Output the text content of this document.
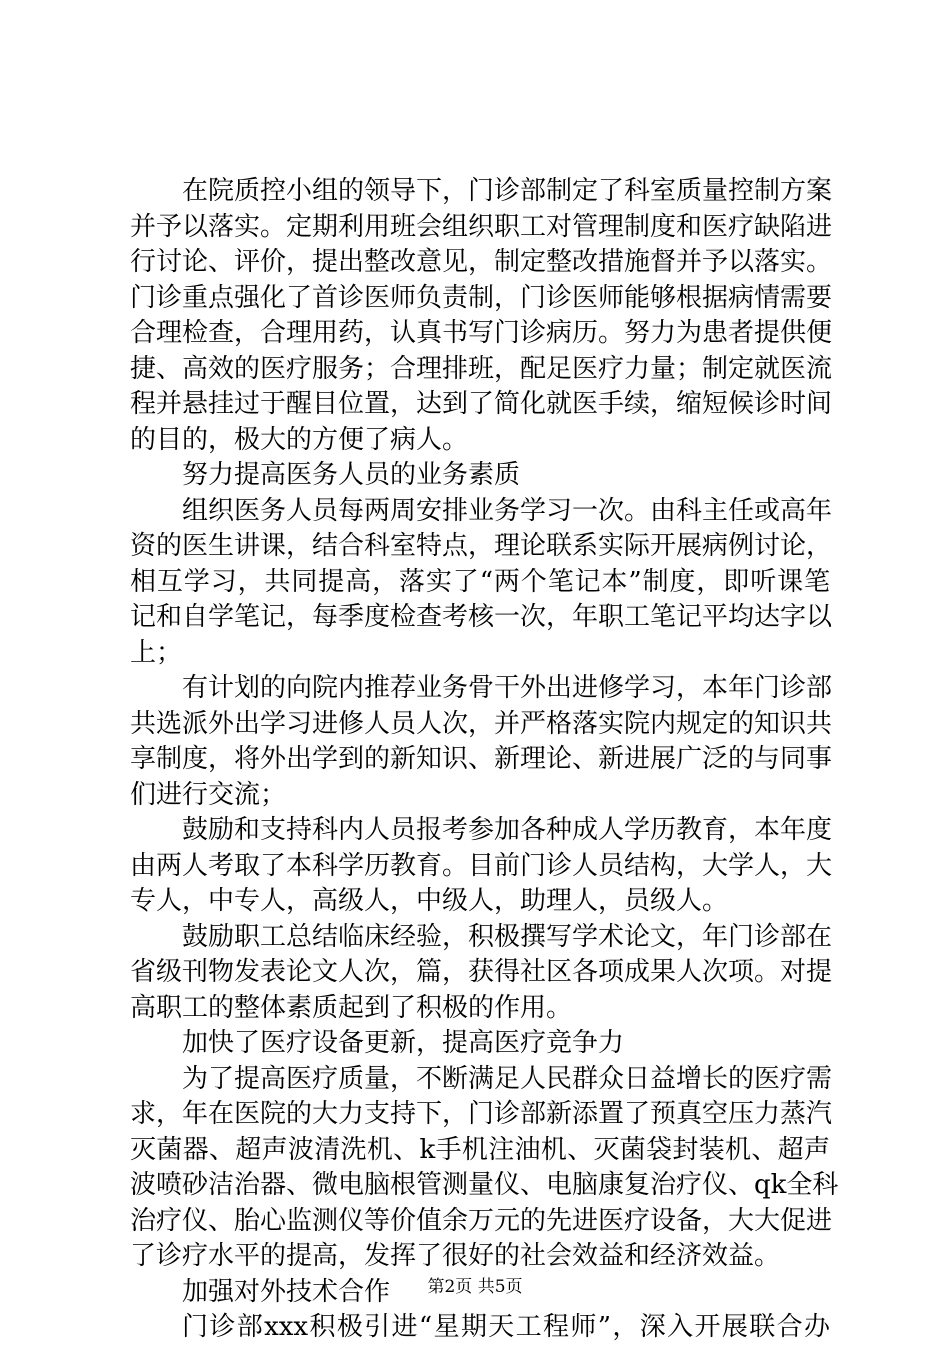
在院质控小组的领导下，门诊部制定了科室质量控制方案
并予以落实。定期利用班会组织职工对管理制度和医疗缺陷进
行讨论、评价，提出整改意见，制定整改措施督并予以落实。
门诊重点强化了首诊医师负责制，门诊医师能够根据病情需要
合理检查，合理用药，认真书写门诊病历。努力为患者提供便
捷、高效的医疗服务；合理排班，配足医疗力量；制定就医流
程并悬挂过于醒目位置，达到了简化就医手续，缩短候诊时间
的目的，极大的方便了病人。
努力提高医务人员的业务素质
组织医务人员每两周安排业务学习一次。由科主任或高年
资的医生讲课，结合科室特点，理论联系实际开展病例讨论，
相互学习，共同提高，落实了“两个笔记本”制度，即听课笔
记和自学笔记，每季度检查考核一次，年职工笔记平均达字以
上；
有计划的向院内推荐业务骨干外出进修学习，本年门诊部
共选派外出学习进修人员人次，并严格落实院内规定的知识共
享制度，将外出学到的新知识、新理论、新进展广泛的与同事
们进行交流；
鼓励和支持科内人员报考参加各种成人学历教育，本年度
由两人考取了本科学历教育。目前门诊人员结构，大学人，大
专人，中专人，高级人，中级人，助理人，员级人。
鼓励职工总结临床经验，积极撰写学术论文，年门诊部在
省级刊物发表论文人次，篇，获得社区各项成果人次项。对提
高职工的整体素质起到了积极的作用。
加快了医疗设备更新，提高医疗竞争力
为了提高医疗质量，不断满足人民群众日益增长的医疗需
求，年在医院的大力支持下，门诊部新添置了预真空压力蒸汽
灭菌器、超声波清洗机、k手机注油机、灭菌袋封装机、超声
波喷砂洁治器、微电脑根管测量仪、电脑康复治疗仪、qk全科
治疗仪、胎心监测仪等价值余万元的先进医疗设备，大大促进
了诊疗水平的提高，发挥了很好的社会效益和经济效益。
加强对外技术合作
门诊部xxx积极引进“星期天工程师”，深入开展联合办
第2页 共5页
